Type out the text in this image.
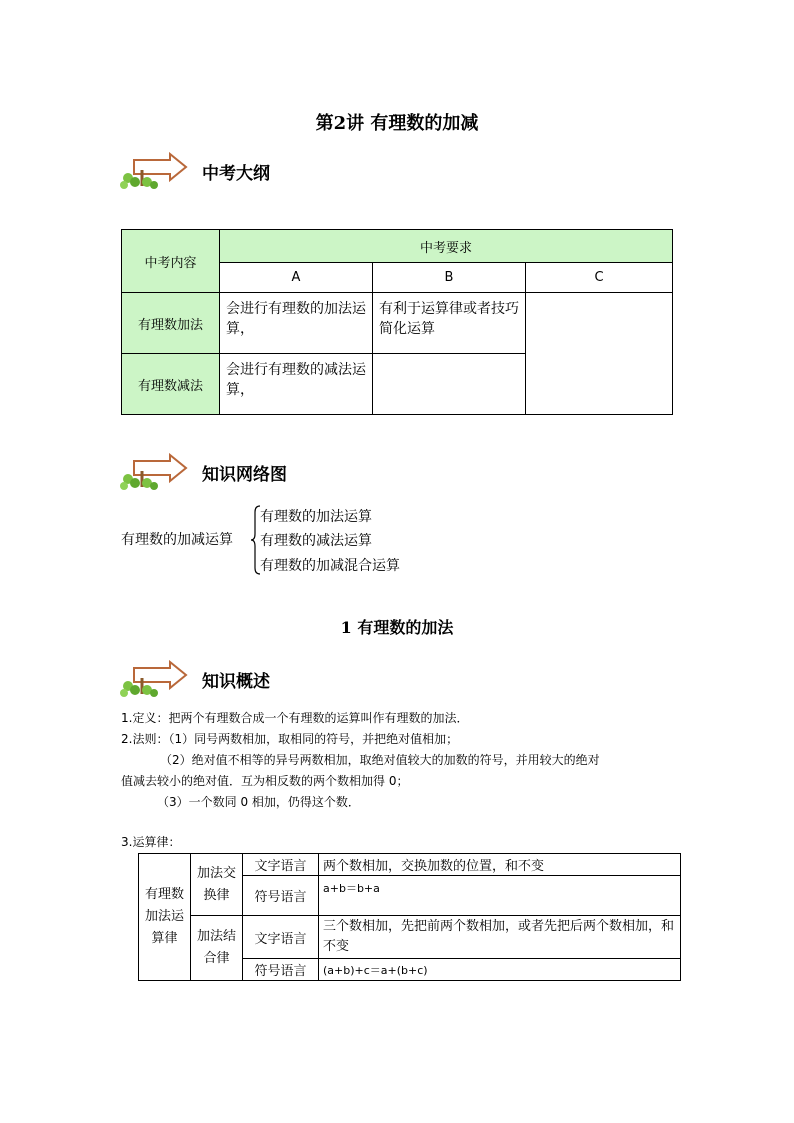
第2讲 有理数的加减
中考大纲
中考内容	中考要求		
	A	B	C
有理数加法	会进行有理数的加法运算，	有利于运算律或者技巧简化运算	
有理数减法	会进行有理数的减法运算，		
知识网络图
有理数的加减运算
有理数的加法运算
有理数的减法运算
有理数的加减混合运算
1 有理数的加法
知识概述
1.定义：把两个有理数合成一个有理数的运算叫作有理数的加法．
2.法则：（1）同号两数相加，取相同的符号，并把绝对值相加；
（2）绝对值不相等的异号两数相加，取绝对值较大的加数的符号，并用较大的绝对
值减去较小的绝对值．互为相反数的两个数相加得 0；
（3）一个数同 0 相加，仍得这个数．
3.运算律：
有理数加法运算律	加法交换律	文字语言	两个数相加，交换加数的位置，和不变
		符号语言	a+b＝b+a
	加法结合律	文字语言	三个数相加，先把前两个数相加，或者先把后两个数相加，和不变
		符号语言	(a+b)+c＝a+(b+c)
